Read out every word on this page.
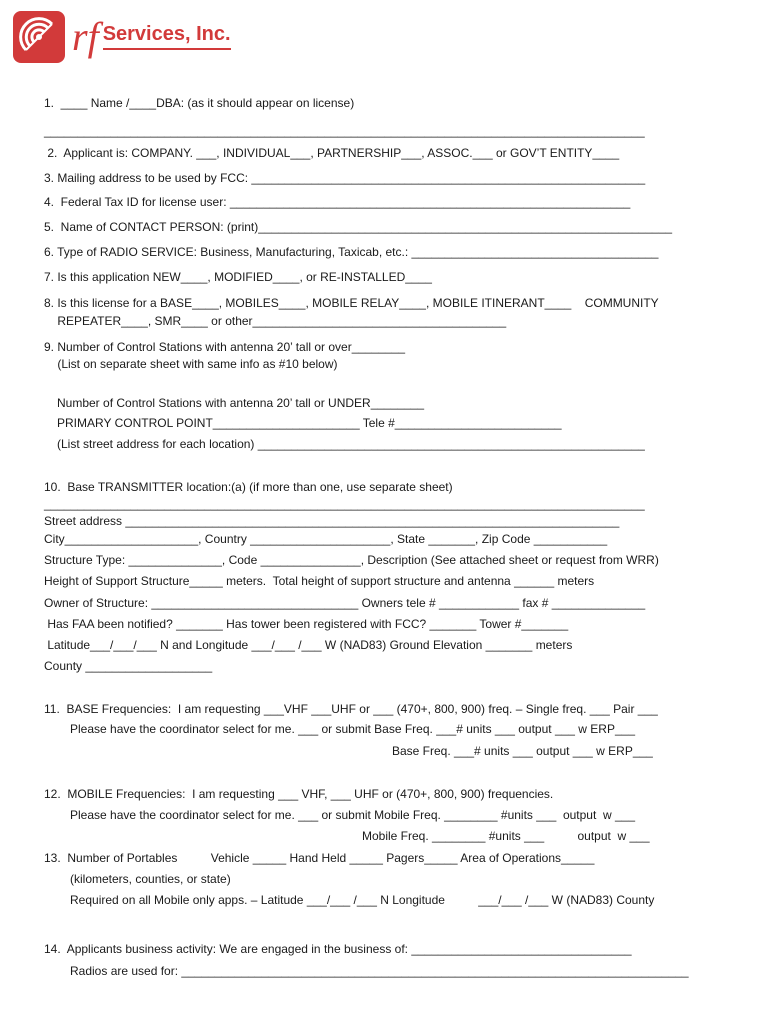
rf Services, Inc.
1.  ____ Name /____DBA: (as it should appear on license)
__________________________________________________________________________________________
2.  Applicant is: COMPANY. ___, INDIVIDUAL___, PARTNERSHIP___, ASSOC.___ or GOV’T ENTITY____
3. Mailing address to be used by FCC: ___________________________________________________________
4.  Federal Tax ID for license user: ____________________________________________________________
5.  Name of CONTACT PERSON: (print)______________________________________________________________
6. Type of RADIO SERVICE: Business, Manufacturing, Taxicab, etc.: _____________________________________
7. Is this application NEW____, MODIFIED____, or RE-INSTALLED____
8. Is this license for a BASE____, MOBILES____, MOBILE RELAY____, MOBILE ITINERANT____    COMMUNITY
REPEATER____, SMR____ or other______________________________________
9. Number of Control Stations with antenna 20’ tall or over________
(List on separate sheet with same info as #10 below)
Number of Control Stations with antenna 20’ tall or UNDER________
PRIMARY CONTROL POINT______________________ Tele #_________________________
(List street address for each location) __________________________________________________________
10.  Base TRANSMITTER location:(a) (if more than one, use separate sheet)
__________________________________________________________________________________________
Street address __________________________________________________________________________
City____________________, Country _____________________, State _______, Zip Code ___________
Structure Type: ______________, Code _______________, Description (See attached sheet or request from WRR)
Height of Support Structure_____ meters.  Total height of support structure and antenna ______ meters
Owner of Structure: _______________________________ Owners tele # ____________ fax # ______________
Has FAA been notified? _______ Has tower been registered with FCC? _______ Tower #_______
Latitude___/___/___ N and Longitude ___/___ /___ W (NAD83) Ground Elevation _______ meters
County ___________________
11.  BASE Frequencies:  I am requesting ___VHF ___UHF or ___ (470+, 800, 900) freq. – Single freq. ___ Pair ___
Please have the coordinator select for me. ___ or submit Base Freq. ___# units ___ output ___ w ERP___
Base Freq. ___# units ___ output ___ w ERP___
12.  MOBILE Frequencies:  I am requesting ___ VHF, ___ UHF or (470+, 800, 900) frequencies.
Please have the coordinator select for me. ___ or submit Mobile Freq. ________ #units ___  output  w ___
Mobile Freq. ________ #units ___          output  w ___
13.  Number of Portables          Vehicle _____ Hand Held _____ Pagers_____ Area of Operations_____
(kilometers, counties, or state)
Required on all Mobile only apps. – Latitude ___/___ /___ N Longitude          ___/___ /___ W (NAD83) County
14.  Applicants business activity: We are engaged in the business of: _________________________________
Radios are used for: ____________________________________________________________________________
